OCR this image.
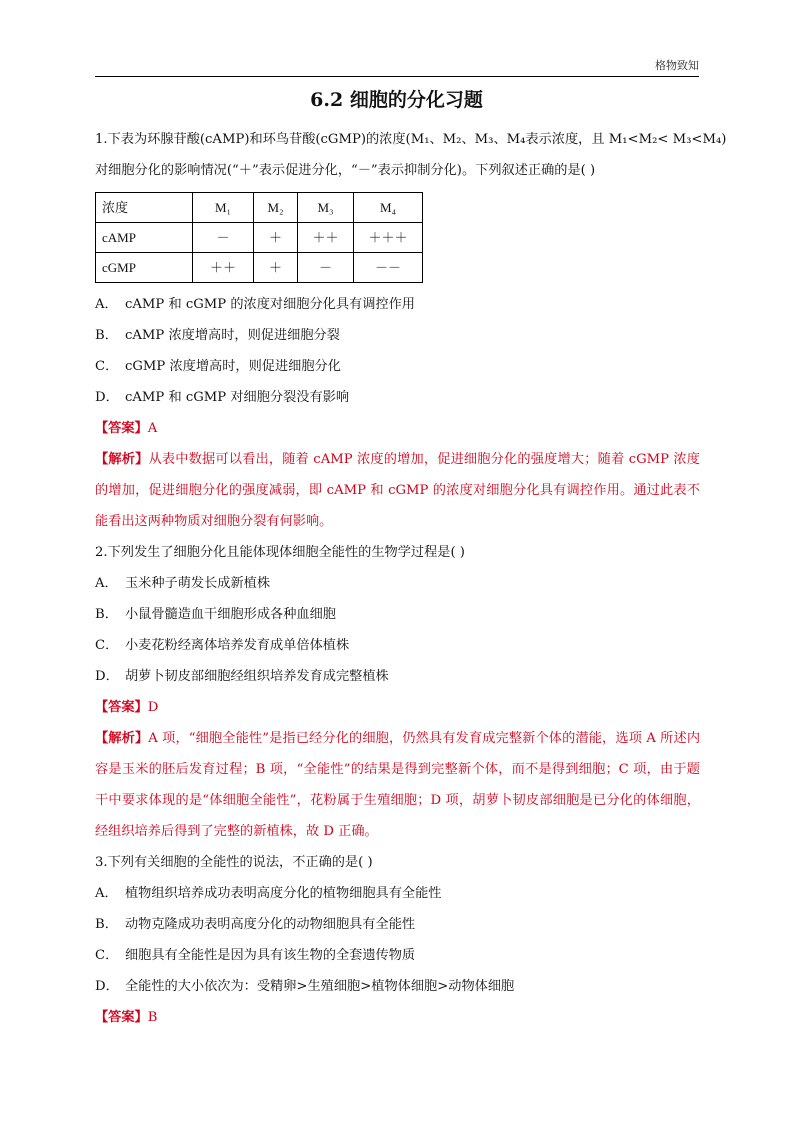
格物致知
6.2 细胞的分化习题
1.下表为环腺苷酸(cAMP)和环鸟苷酸(cGMP)的浓度(M₁、M₂、M₃、M₄表示浓度，且 M₁<M₂< M₃<M₄)
对细胞分化的影响情况(“＋”表示促进分化，“－”表示抑制分化)。下列叙述正确的是( )
浓度	M₁	M₂	M₃	M₄
cAMP	－	＋	＋＋	＋＋＋
cGMP	＋＋	＋	－	－－
A． cAMP 和 cGMP 的浓度对细胞分化具有调控作用
B． cAMP 浓度增高时，则促进细胞分裂
C． cGMP 浓度增高时，则促进细胞分化
D． cAMP 和 cGMP 对细胞分裂没有影响
【答案】A
【解析】从表中数据可以看出，随着 cAMP 浓度的增加，促进细胞分化的强度增大；随着 cGMP 浓度的增加，促进细胞分化的强度减弱，即 cAMP 和 cGMP 的浓度对细胞分化具有调控作用。通过此表不能看出这两种物质对细胞分裂有何影响。
2.下列发生了细胞分化且能体现体细胞全能性的生物学过程是( )
A． 玉米种子萌发长成新植株
B． 小鼠骨髓造血干细胞形成各种血细胞
C． 小麦花粉经离体培养发育成单倍体植株
D． 胡萝卜韧皮部细胞经组织培养发育成完整植株
【答案】D
【解析】A 项，“细胞全能性”是指已经分化的细胞，仍然具有发育成完整新个体的潜能，选项 A 所述内容是玉米的胚后发育过程；B 项，“全能性”的结果是得到完整新个体，而不是得到细胞；C 项，由于题干中要求体现的是“体细胞全能性”，花粉属于生殖细胞；D 项，胡萝卜韧皮部细胞是已分化的体细胞，经组织培养后得到了完整的新植株，故 D 正确。
3.下列有关细胞的全能性的说法，不正确的是( )
A． 植物组织培养成功表明高度分化的植物细胞具有全能性
B． 动物克隆成功表明高度分化的动物细胞具有全能性
C． 细胞具有全能性是因为具有该生物的全套遗传物质
D． 全能性的大小依次为：受精卵>生殖细胞>植物体细胞>动物体细胞
【答案】B
